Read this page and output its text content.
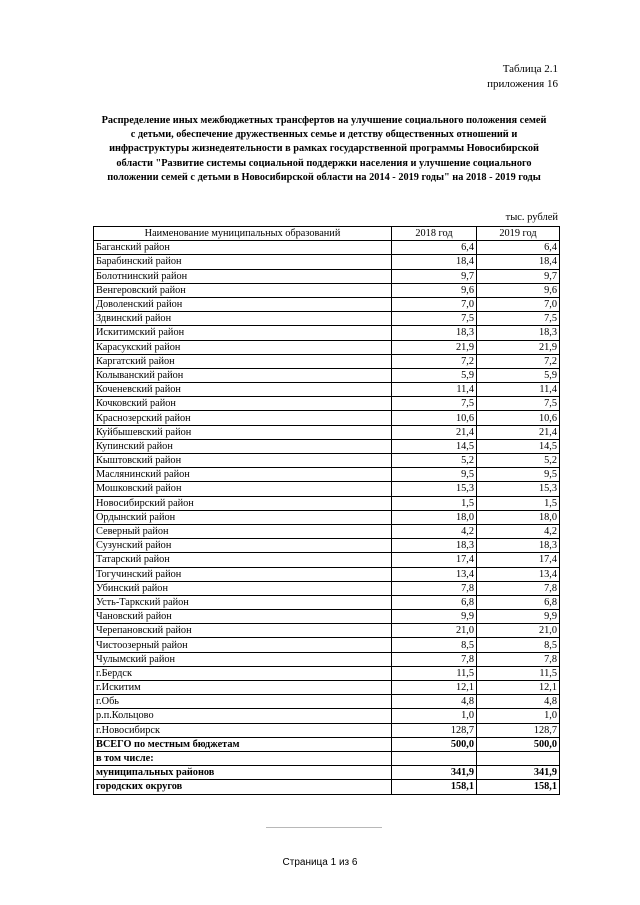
Таблица 2.1
приложения 16
Распределение иных межбюджетных трансфертов на улучшение социального положения семей с детьми, обеспечение дружественных семье и детству общественных отношений и инфраструктуры жизнедеятельности в рамках государственной программы Новосибирской области "Развитие системы социальной поддержки населения и улучшение социального положении семей с детьми в Новосибирской области на 2014 - 2019 годы" на 2018 - 2019 годы
тыс. рублей
Наименование муниципальных образований	2018 год	2019 год
Баганский район	6,4	6,4
Барабинский район	18,4	18,4
Болотнинский район	9,7	9,7
Венгеровский район	9,6	9,6
Доволенский район	7,0	7,0
Здвинский район	7,5	7,5
Искитимский район	18,3	18,3
Карасукский район	21,9	21,9
Каргатский район	7,2	7,2
Колыванский район	5,9	5,9
Коченевский район	11,4	11,4
Кочковский район	7,5	7,5
Краснозерский район	10,6	10,6
Куйбышевский район	21,4	21,4
Купинский район	14,5	14,5
Кыштовский район	5,2	5,2
Маслянинский район	9,5	9,5
Мошковский район	15,3	15,3
Новосибирский район	1,5	1,5
Ордынский район	18,0	18,0
Северный район	4,2	4,2
Сузунский район	18,3	18,3
Татарский район	17,4	17,4
Тогучинский район	13,4	13,4
Убинский район	7,8	7,8
Усть-Таркский район	6,8	6,8
Чановский район	9,9	9,9
Черепановский район	21,0	21,0
Чистоозерный район	8,5	8,5
Чулымский район	7,8	7,8
г.Бердск	11,5	11,5
г.Искитим	12,1	12,1
г.Обь	4,8	4,8
р.п.Кольцово	1,0	1,0
г.Новосибирск	128,7	128,7
ВСЕГО по местным бюджетам	500,0	500,0
в том числе:		
муниципальных районов	341,9	341,9
городских округов	158,1	158,1
Страница 1 из 6
